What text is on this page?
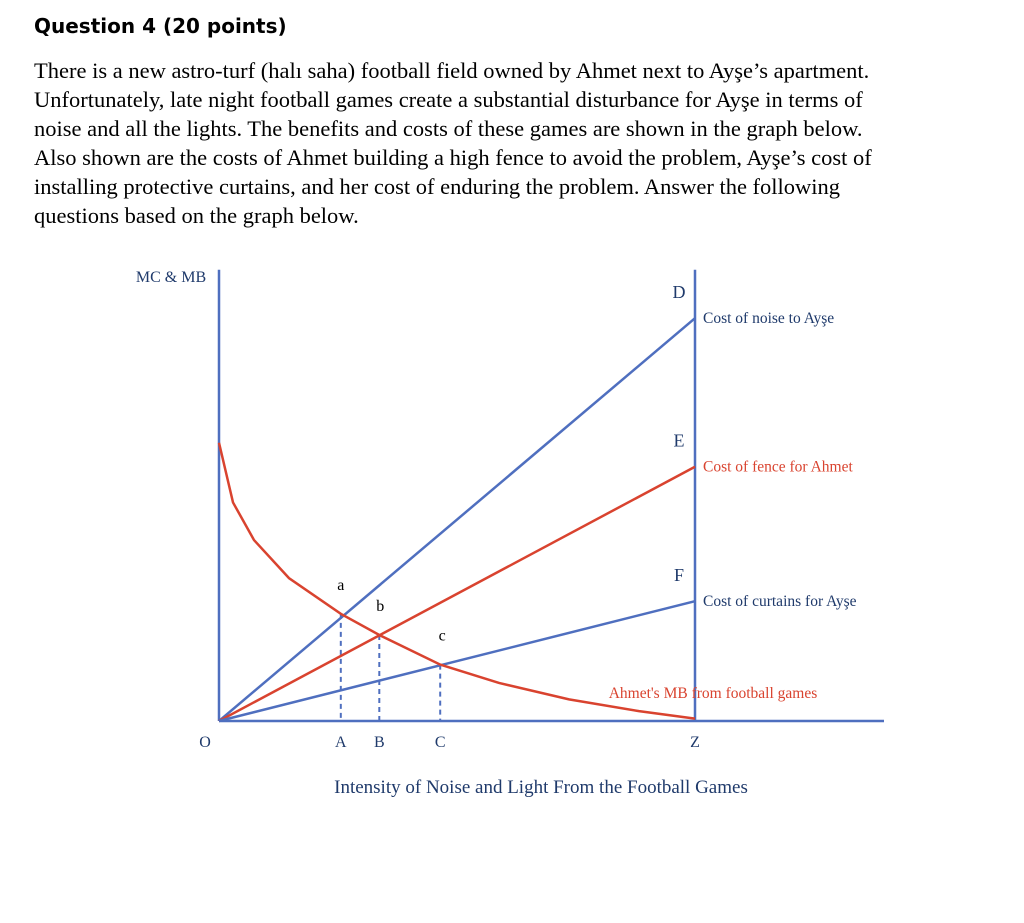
Question 4 (20 points)
There is a new astro-turf (halı saha) football field owned by Ahmet next to Ayşe’s apartment.
Unfortunately, late night football games create a substantial disturbance for Ayşe in terms of
noise and all the lights. The benefits and costs of these games are shown in the graph below.
Also shown are the costs of Ahmet building a high fence to avoid the problem, Ayşe’s cost of
installing protective curtains, and her cost of enduring the problem. Answer the following
questions based on the graph below.
D
Cost of noise to Ayşe
E
Cost of fence for Ahmet
F
Cost of curtains for Ayşe
Ahmet's MB from football games
a
b
c
A B	C	Z
O
MC & MB
Intensity of Noise and Light From the Football Games
